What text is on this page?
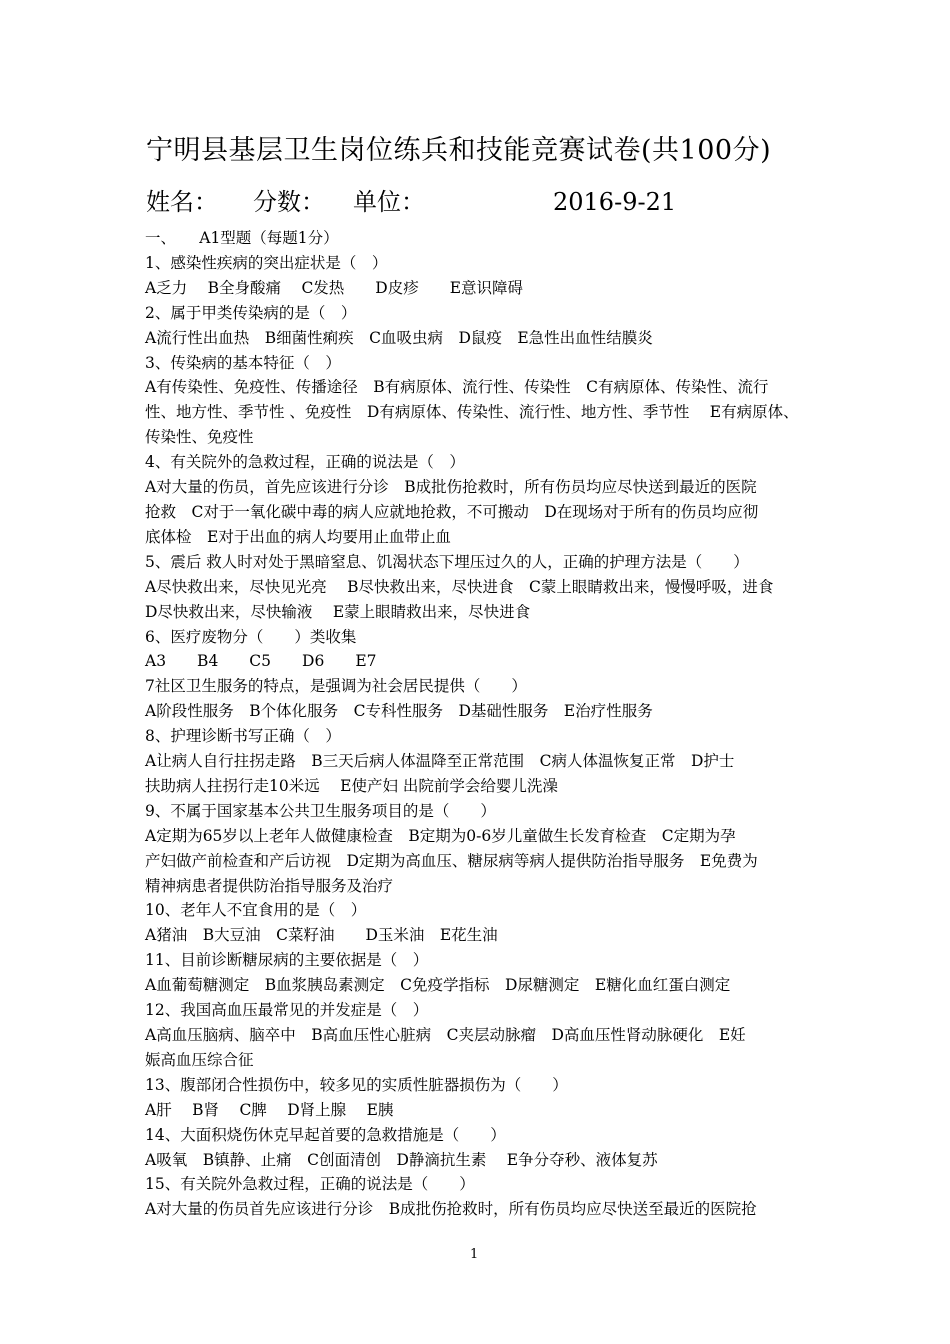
宁明县基层卫生岗位练兵和技能竞赛试卷(共100分)
姓名： 分数： 单位：	2016-9-21
一、　　A1型题（每题1分）
1、感染性疾病的突出症状是（　）
A乏力　 B全身酸痛　 C发热　　D皮疹　　E意识障碍
2、属于甲类传染病的是（　）
A流行性出血热　B细菌性痢疾　C血吸虫病　D鼠疫　E急性出血性结膜炎
3、传染病的基本特征（　）
A有传染性、免疫性、传播途径　B有病原体、流行性、传染性　C有病原体、传染性、流行
性、地方性、季节性 、免疫性　D有病原体、传染性、流行性、地方性、季节性　 E有病原体、
传染性、免疫性
4、有关院外的急救过程，正确的说法是（　）
A对大量的伤员，首先应该进行分诊　B成批伤抢救时，所有伤员均应尽快送到最近的医院
抢救　C对于一氧化碳中毒的病人应就地抢救，不可搬动　D在现场对于所有的伤员均应彻
底体检　E对于出血的病人均要用止血带止血
5、震后 救人时对处于黑暗窒息、饥渴状态下埋压过久的人，正确的护理方法是（　　）
A尽快救出来，尽快见光亮　 B尽快救出来，尽快进食　C蒙上眼睛救出来，慢慢呼吸，进食
D尽快救出来，尽快输液　 E蒙上眼睛救出来，尽快进食
6、医疗废物分（　　）类收集
A3　　B4　　C5　　D6　　E7
7社区卫生服务的特点，是强调为社会居民提供（　　）
A阶段性服务　B个体化服务　C专科性服务　D基础性服务　E治疗性服务
8、护理诊断书写正确（　）
A让病人自行拄拐走路　B三天后病人体温降至正常范围　C病人体温恢复正常　D护士
扶助病人拄拐行走10米远　 E使产妇 出院前学会给婴儿洗澡
9、不属于国家基本公共卫生服务项目的是（　　）
A定期为65岁以上老年人做健康检查　B定期为0-6岁儿童做生长发育检查　C定期为孕
产妇做产前检查和产后访视　D定期为高血压、糖尿病等病人提供防治指导服务　E免费为
精神病患者提供防治指导服务及治疗
10、老年人不宜食用的是（　）
A猪油　B大豆油　C菜籽油　　D玉米油　E花生油
11、目前诊断糖尿病的主要依据是（　）
A血葡萄糖测定　B血浆胰岛素测定　C免疫学指标　D尿糖测定　E糖化血红蛋白测定
12、我国高血压最常见的并发症是（　）
A高血压脑病、脑卒中　B高血压性心脏病　C夹层动脉瘤　D高血压性肾动脉硬化　E妊
娠高血压综合征
13、腹部闭合性损伤中，较多见的实质性脏器损伤为（　　）
A肝　 B肾　 C脾　 D肾上腺　 E胰
14、大面积烧伤休克早起首要的急救措施是（　　）
A吸氧　B镇静、止痛　C创面清创　D静滴抗生素　 E争分夺秒、液体复苏
15、有关院外急救过程，正确的说法是（　　）
A对大量的伤员首先应该进行分诊　B成批伤抢救时，所有伤员均应尽快送至最近的医院抢
1
